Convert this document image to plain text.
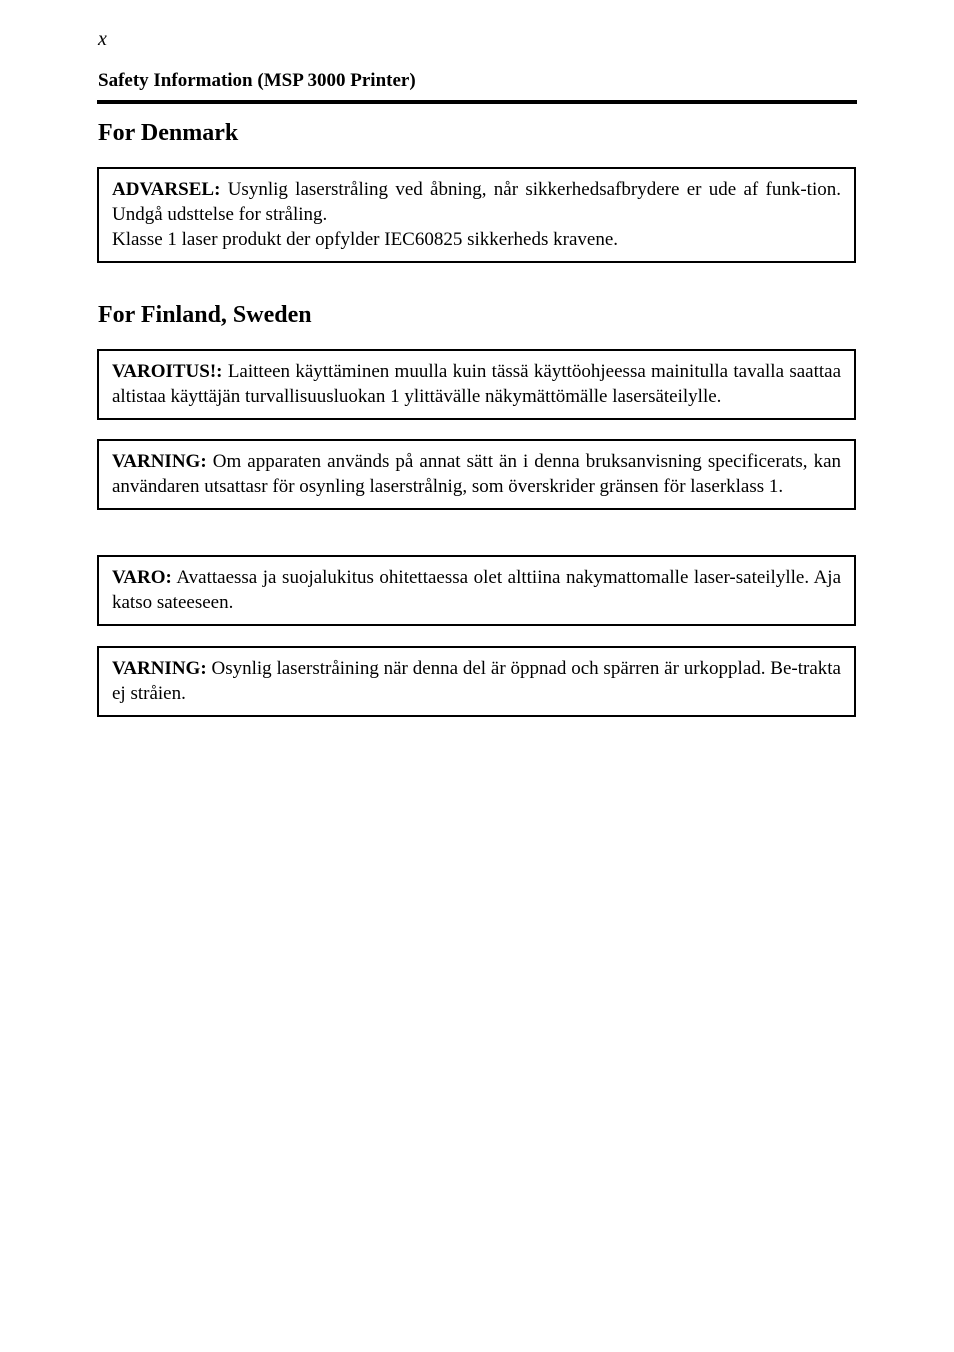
x
Safety Information (MSP 3000 Printer)
For Denmark

ADVARSEL: Usynlig laserstråling ved åbning, når sikkerhedsafbrydere er ude af funk-tion. Undgå udsttelse for stråling.

Klasse 1 laser produkt der opfylder IEC60825 sikkerheds kravene.

For Finland, Sweden

VAROITUS!: Laitteen käyttäminen muulla kuin tässä käyttöohjeessa mainitulla tavalla saattaa altistaa käyttäjän turvallisuusluokan 1 ylittävälle näkymättömälle lasersäteilylle.

VARNING: Om apparaten används på annat sätt än i denna bruksanvisning specificerats, kan användaren utsattasr för osynling laserstrålnig, som överskrider gränsen för laserklass 1.

VARO: Avattaessa ja suojalukitus ohitettaessa olet alttiina nakymattomalle laser-sateilylle. Aja katso sateeseen.

VARNING: Osynlig laserstråining när denna del är öppnad och spärren är urkopplad. Be-trakta ej stråien.
